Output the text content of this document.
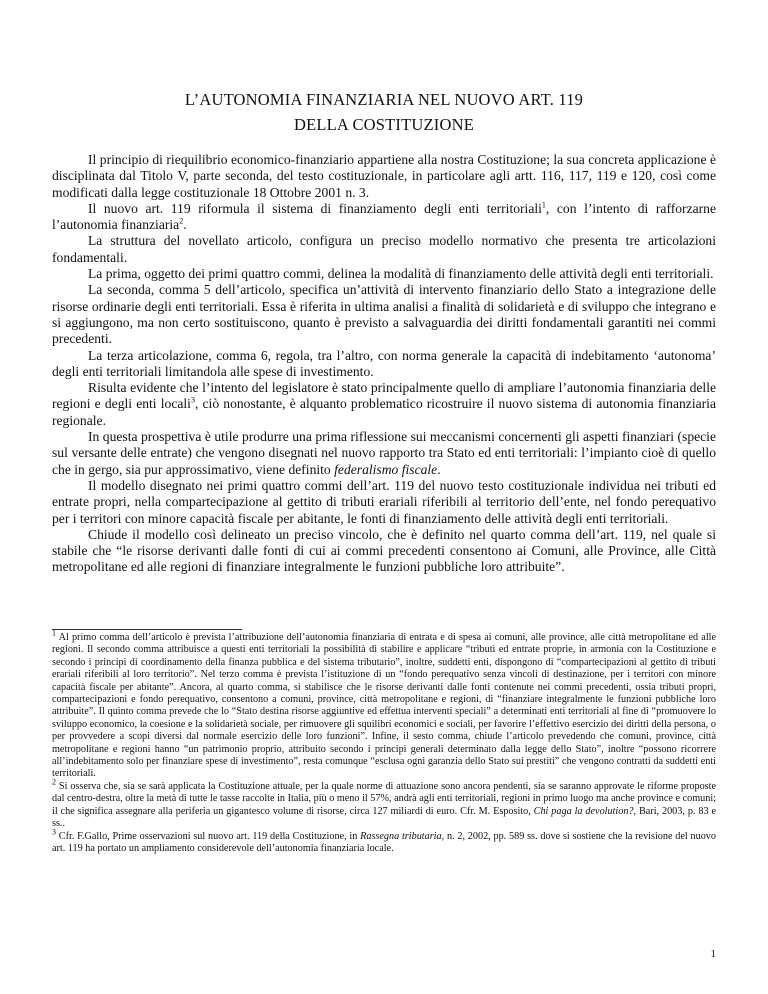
L’AUTONOMIA FINANZIARIA NEL NUOVO ART. 119
DELLA COSTITUZIONE

Il principio di riequilibrio economico-finanziario appartiene alla nostra Costituzione; la sua concreta applicazione è disciplinata dal Titolo V, parte seconda, del testo costituzionale, in particolare agli artt. 116, 117, 119 e 120, così come modificati dalla legge costituzionale 18 Ottobre 2001 n. 3.

Il nuovo art. 119 riformula il sistema di finanziamento degli enti territoriali$^1$, con l’intento di rafforzarne l’autonomia finanziaria$^2$.

La struttura del novellato articolo, configura un preciso modello normativo che presenta tre articolazioni fondamentali.

La prima, oggetto dei primi quattro commi, delinea la modalità di finanziamento delle attività degli enti territoriali.

La seconda, comma 5 dell’articolo, specifica un’attività di intervento finanziario dello Stato a integrazione delle risorse ordinarie degli enti territoriali. Essa è riferita in ultima analisi a finalità di solidarietà e di sviluppo che integrano e si aggiungono, ma non certo sostituiscono, quanto è previsto a salvaguardia dei diritti fondamentali garantiti nei commi precedenti.

La terza articolazione, comma 6, regola, tra l’altro, con norma generale la capacità di indebitamento ‘autonoma’ degli enti territoriali limitandola alle spese di investimento.

Risulta evidente che l’intento del legislatore è stato principalmente quello di ampliare l’autonomia finanziaria delle regioni e degli enti locali$^3$, ciò nonostante, è alquanto problematico ricostruire il nuovo sistema di autonomia finanziaria regionale.

In questa prospettiva è utile produrre una prima riflessione sui meccanismi concernenti gli aspetti finanziari (specie sul versante delle entrate) che vengono disegnati nel nuovo rapporto tra Stato ed enti territoriali: l’impianto cioè di quello che in gergo, sia pur approssimativo, viene definito federalismo fiscale.

Il modello disegnato nei primi quattro commi dell’art. 119 del nuovo testo costituzionale individua nei tributi ed entrate propri, nella compartecipazione al gettito di tributi erariali riferibili al territorio dell’ente, nel fondo perequativo per i territori con minore capacità fiscale per abitante, le fonti di finanziamento delle attività degli enti territoriali.

Chiude il modello così delineato un preciso vincolo, che è definito nel quarto comma dell’art. 119, nel quale si stabile che “le risorse derivanti dalle fonti di cui ai commi precedenti consentono ai Comuni, alle Province, alle Città metropolitane ed alle regioni di finanziare integralmente le funzioni pubbliche loro attribuite”.

$^1$ Al primo comma dell’articolo è prevista l’attribuzione dell’autonomia finanziaria di entrata e di spesa ai comuni, alle province, alle città metropolitane ed alle regioni. Il secondo comma attribuisce a questi enti territoriali la possibilità di stabilire e applicare “tributi ed entrate proprie, in armonia con la Costituzione e secondo i principi di coordinamento della finanza pubblica e del sistema tributario”, inoltre, suddetti enti, dispongono di “compartecipazioni al gettito di tributi erariali riferibili al loro territorio”. Nel terzo comma è prevista l’istituzione di un “fondo perequativo senza vincoli di destinazione, per i territori con minore capacità fiscale per abitante”. Ancora, al quarto comma, si stabilisce che le risorse derivanti dalle fonti contenute nei commi precedenti, ossia tributi propri, compartecipazioni e fondo perequativo, consentono a comuni, province, città metropolitane e regioni, di “finanziare integralmente le funzioni pubbliche loro attribuite”. Il quinto comma prevede che lo “Stato destina risorse aggiuntive ed effettua interventi speciali” a determinati enti territoriali al fine di “promuovere lo sviluppo economico, la coesione e la solidarietà sociale, per rimuovere gli squilibri economici e sociali, per favorire l’effettivo esercizio dei diritti della persona, o per provvedere a scopi diversi dal normale esercizio delle loro funzioni”. Infine, il sesto comma, chiude l’articolo prevedendo che comuni, province, città metropolitane e regioni hanno “un patrimonio proprio, attribuito secondo i principi generali determinato dalla legge dello Stato”, inoltre “possono ricorrere all’indebitamento solo per finanziare spese di investimento”, resta comunque “esclusa ogni garanzia dello Stato sui prestiti” che vengono contratti da suddetti enti territoriali.

$^2$ Si osserva che, sia se sarà applicata la Costituzione attuale, per la quale norme di attuazione sono ancora pendenti, sia se saranno approvate le riforme proposte dal centro-destra, oltre la metà di tutte le tasse raccolte in Italia, più o meno il 57%, andrà agli enti territoriali, regioni in primo luogo ma anche province e comuni; il che significa assegnare alla periferia un gigantesco volume di risorse, circa 127 miliardi di euro. Cfr. M. Esposito, Chi paga la devolution?, Bari, 2003, p. 83 e ss..

$^3$ Cfr. F.Gallo, Prime osservazioni sul nuovo art. 119 della Costituzione, in Rassegna tributaria, n. 2, 2002, pp. 589 ss. dove si sostiene che la revisione del nuovo art. 119 ha portato un ampliamento considerevole dell’autonomia finanziaria locale.

1
